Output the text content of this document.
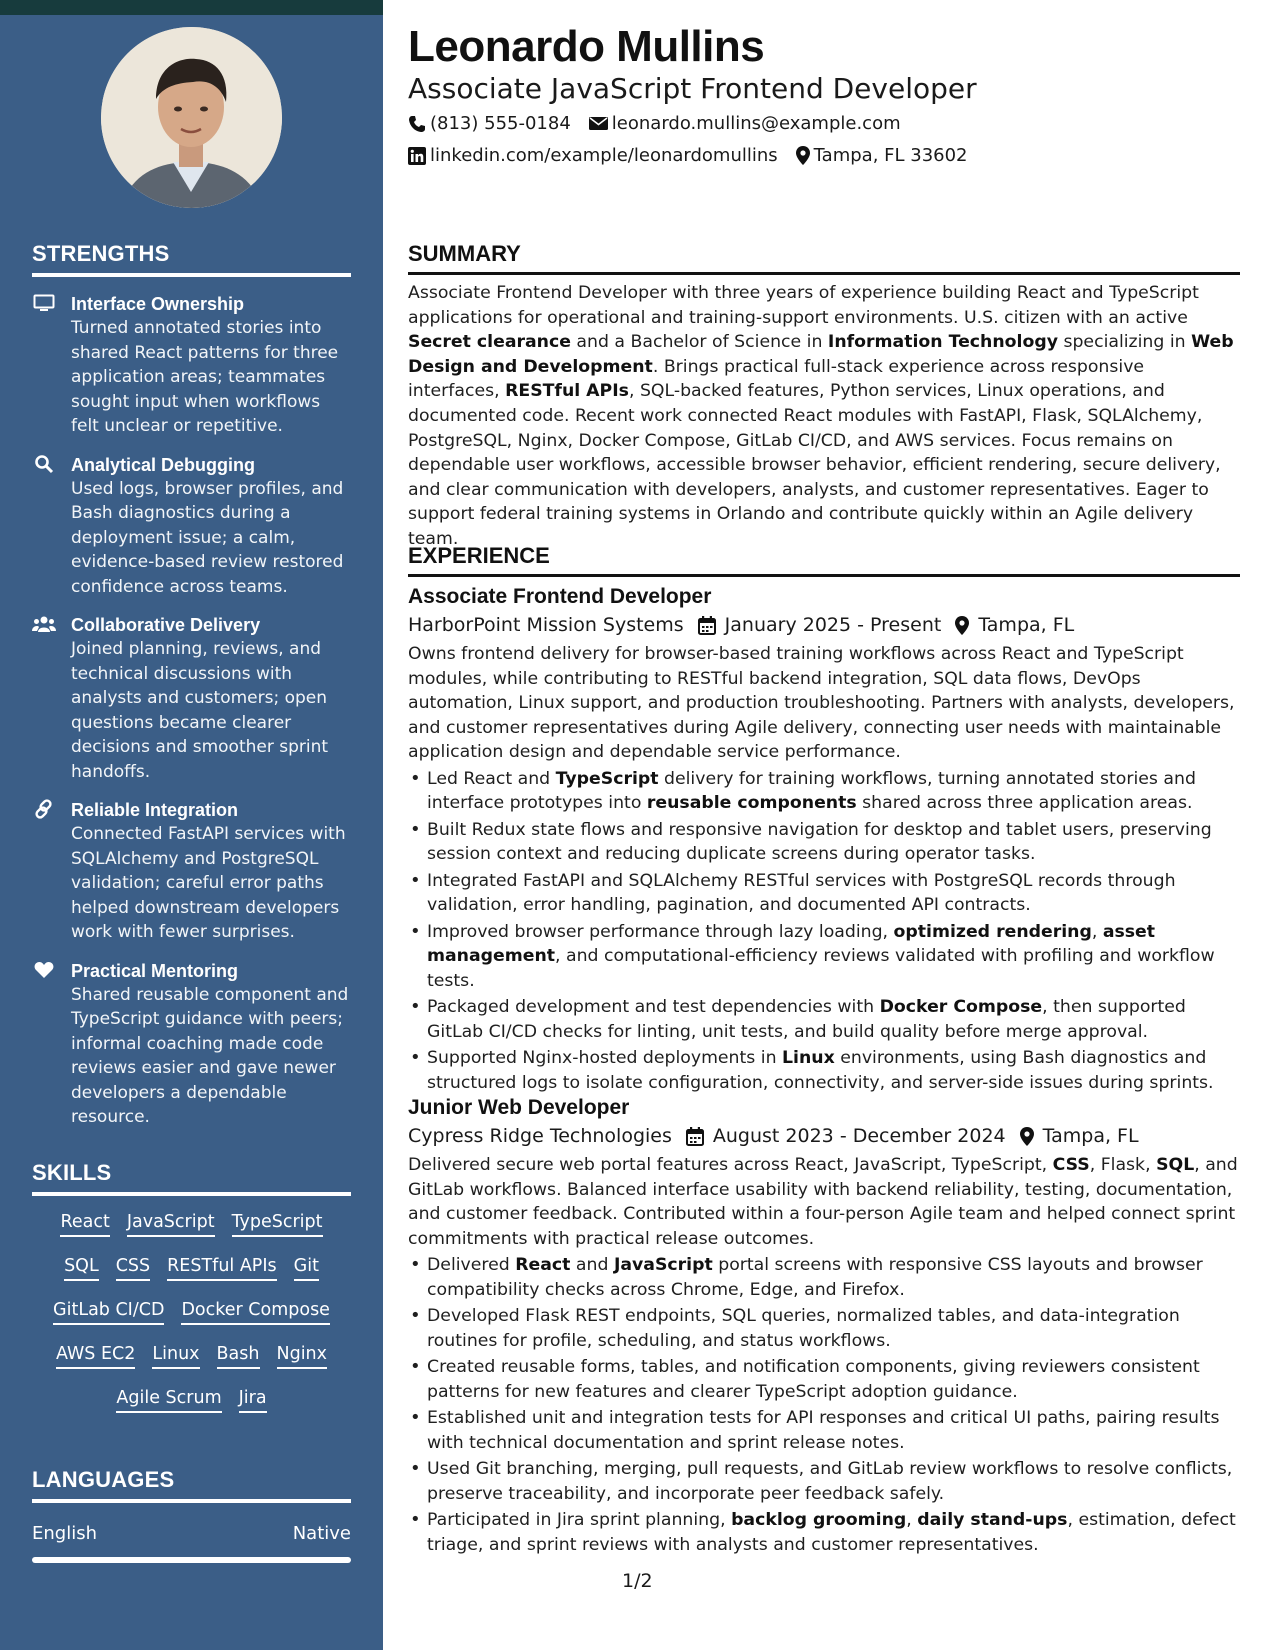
STRENGTHS
Interface Ownership
Turned annotated stories into shared React patterns for three application areas; teammates sought input when workflows felt unclear or repetitive.
Analytical Debugging
Used logs, browser profiles, and Bash diagnostics during a deployment issue; a calm, evidence-based review restored confidence across teams.
Collaborative Delivery
Joined planning, reviews, and technical discussions with analysts and customers; open questions became clearer decisions and smoother sprint handoffs.
Reliable Integration
Connected FastAPI services with SQLAlchemy and PostgreSQL validation; careful error paths helped downstream developers work with fewer surprises.
Practical Mentoring
Shared reusable component and TypeScript guidance with peers; informal coaching made code reviews easier and gave newer developers a dependable resource.
SKILLS
React JavaScript TypeScript
SQL CSS RESTful APIs Git
GitLab CI/CD Docker Compose
AWS EC2 Linux Bash Nginx
Agile Scrum Jira
LANGUAGES
English	Native
Leonardo Mullins
Associate JavaScript Frontend Developer
(813) 555-0184 leonardo.mullins@example.com
linkedin.com/example/leonardomullins Tampa, FL 33602
SUMMARY
Associate Frontend Developer with three years of experience building React and TypeScript applications for operational and training-support environments. U.S. citizen with an active Secret clearance and a Bachelor of Science in Information Technology specializing in Web Design and Development. Brings practical full-stack experience across responsive interfaces, RESTful APIs, SQL-backed features, Python services, Linux operations, and documented code. Recent work connected React modules with FastAPI, Flask, SQLAlchemy, PostgreSQL, Nginx, Docker Compose, GitLab CI/CD, and AWS services. Focus remains on dependable user workflows, accessible browser behavior, efficient rendering, secure delivery, and clear communication with developers, analysts, and customer representatives. Eager to support federal training systems in Orlando and contribute quickly within an Agile delivery team.
EXPERIENCE
Associate Frontend Developer
HarborPoint Mission Systems January 2025 - Present Tampa, FL
Owns frontend delivery for browser-based training workflows across React and TypeScript modules, while contributing to RESTful backend integration, SQL data flows, DevOps automation, Linux support, and production troubleshooting. Partners with analysts, developers, and customer representatives during Agile delivery, connecting user needs with maintainable application design and dependable service performance.
• Led React and TypeScript delivery for training workflows, turning annotated stories and interface prototypes into reusable components shared across three application areas.
• Built Redux state flows and responsive navigation for desktop and tablet users, preserving session context and reducing duplicate screens during operator tasks.
• Integrated FastAPI and SQLAlchemy RESTful services with PostgreSQL records through validation, error handling, pagination, and documented API contracts.
• Improved browser performance through lazy loading, optimized rendering, asset management, and computational-efficiency reviews validated with profiling and workflow tests.
• Packaged development and test dependencies with Docker Compose, then supported GitLab CI/CD checks for linting, unit tests, and build quality before merge approval.
• Supported Nginx-hosted deployments in Linux environments, using Bash diagnostics and structured logs to isolate configuration, connectivity, and server-side issues during sprints.
Junior Web Developer
Cypress Ridge Technologies August 2023 - December 2024 Tampa, FL
Delivered secure web portal features across React, JavaScript, TypeScript, CSS, Flask, SQL, and GitLab workflows. Balanced interface usability with backend reliability, testing, documentation, and customer feedback. Contributed within a four-person Agile team and helped connect sprint commitments with practical release outcomes.
• Delivered React and JavaScript portal screens with responsive CSS layouts and browser compatibility checks across Chrome, Edge, and Firefox.
• Developed Flask REST endpoints, SQL queries, normalized tables, and data-integration routines for profile, scheduling, and status workflows.
• Created reusable forms, tables, and notification components, giving reviewers consistent patterns for new features and clearer TypeScript adoption guidance.
• Established unit and integration tests for API responses and critical UI paths, pairing results with technical documentation and sprint release notes.
• Used Git branching, merging, pull requests, and GitLab review workflows to resolve conflicts, preserve traceability, and incorporate peer feedback safely.
• Participated in Jira sprint planning, backlog grooming, daily stand-ups, estimation, defect triage, and sprint reviews with analysts and customer representatives.
1/2
